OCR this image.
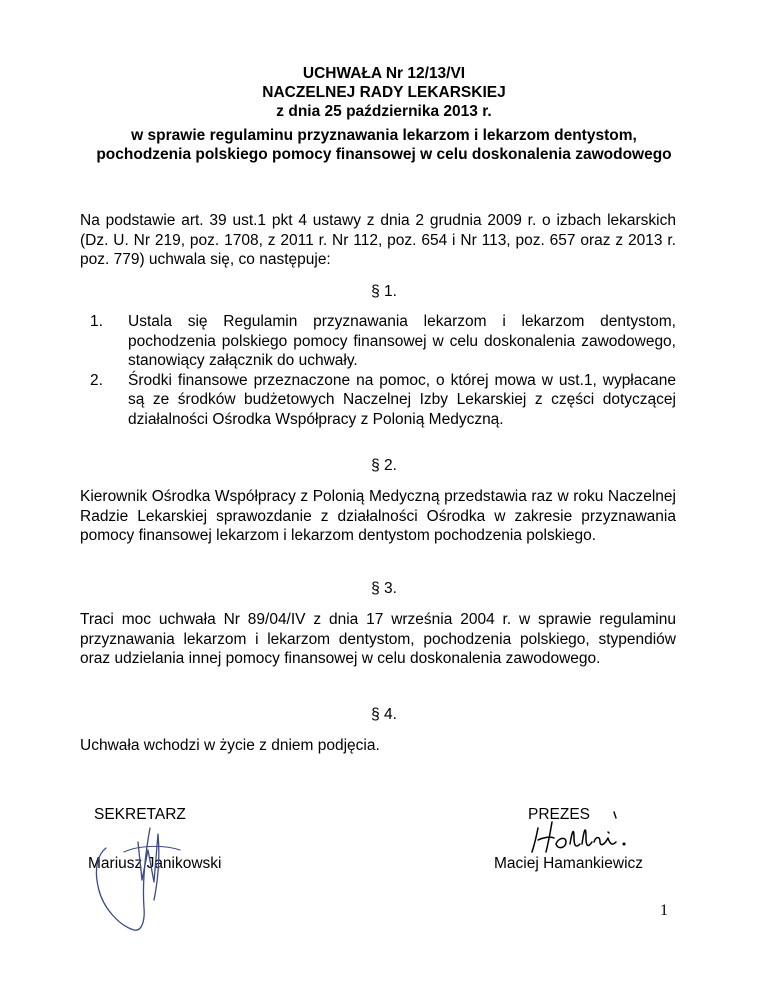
UCHWAŁA Nr 12/13/VI
NACZELNEJ RADY LEKARSKIEJ
z dnia 25 października 2013 r.
w sprawie regulaminu przyznawania lekarzom i lekarzom dentystom,
pochodzenia polskiego pomocy finansowej w celu doskonalenia zawodowego
Na podstawie art. 39 ust.1 pkt 4 ustawy z dnia 2 grudnia 2009 r. o izbach lekarskich (Dz. U. Nr 219, poz. 1708, z 2011 r. Nr 112, poz. 654 i Nr 113, poz. 657 oraz z 2013 r. poz. 779) uchwala się, co następuje:
§ 1.
1. Ustala się Regulamin przyznawania lekarzom i lekarzom dentystom, pochodzenia polskiego pomocy finansowej w celu doskonalenia zawodowego, stanowiący załącznik do uchwały.
2. Środki finansowe przeznaczone na pomoc, o której mowa w ust.1, wypłacane są ze środków budżetowych Naczelnej Izby Lekarskiej z części dotyczącej działalności Ośrodka Współpracy z Polonią Medyczną.
§ 2.
Kierownik Ośrodka Współpracy z Polonią Medyczną przedstawia raz w roku Naczelnej Radzie Lekarskiej sprawozdanie z działalności Ośrodka w zakresie przyznawania pomocy finansowej lekarzom i lekarzom dentystom pochodzenia polskiego.
§ 3.
Traci moc uchwała Nr 89/04/IV z dnia 17 września 2004 r. w sprawie regulaminu przyznawania lekarzom i lekarzom dentystom, pochodzenia polskiego, stypendiów oraz udzielania innej pomocy finansowej w celu doskonalenia zawodowego.
§ 4.
Uchwała wchodzi w życie z dniem podjęcia.
SEKRETARZ
Mariusz Janikowski
PREZES
Maciej Hamankiewicz
1
